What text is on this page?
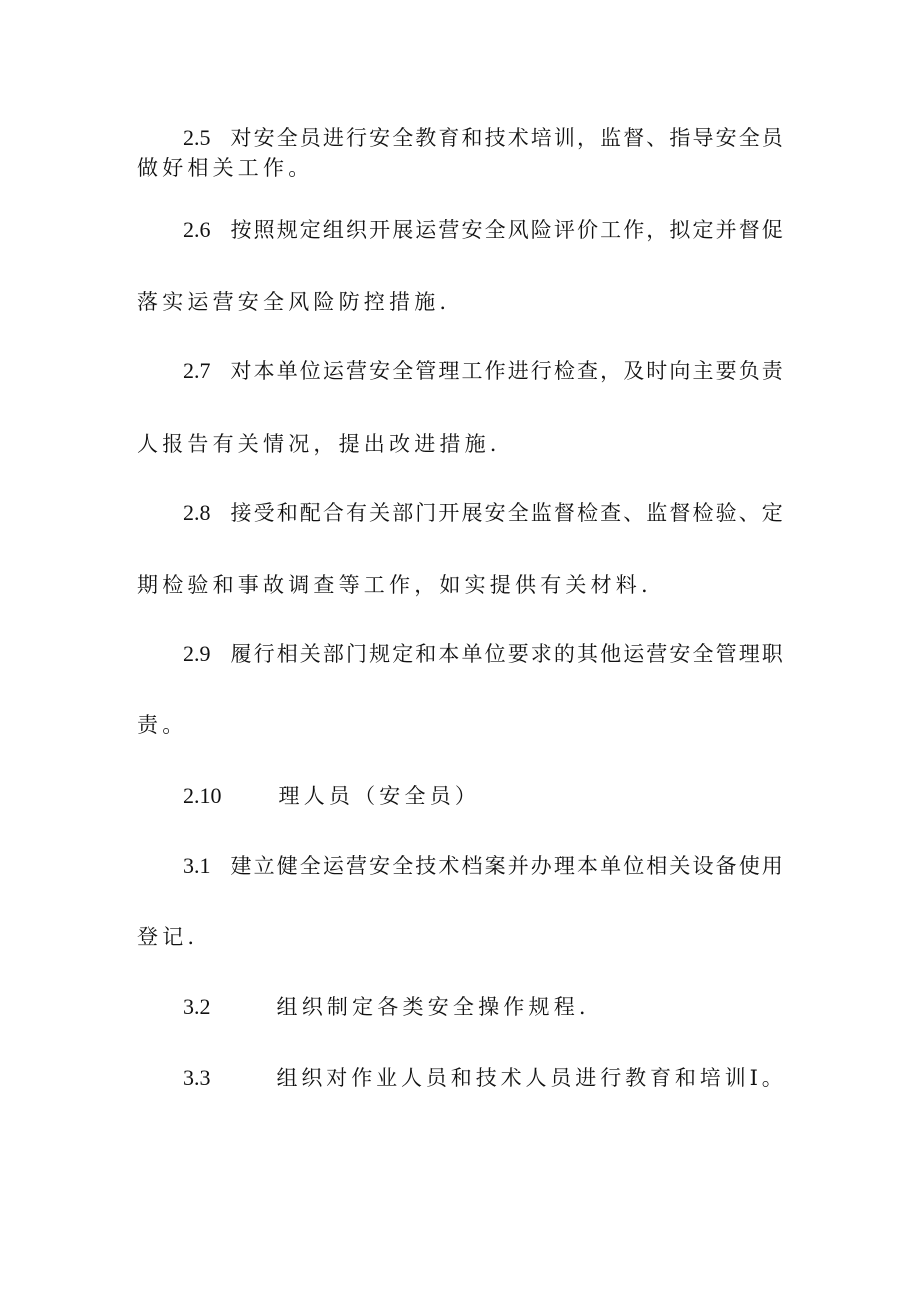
2.5 对安全员进行安全教育和技术培训，监督、指导安全员
做好相关工作。
2.6 按照规定组织开展运营安全风险评价工作，拟定并督促
落实运营安全风险防控措施.
2.7 对本单位运营安全管理工作进行检查，及时向主要负责
人报告有关情况，提出改进措施.
2.8 接受和配合有关部门开展安全监督检查、监督检验、定
期检验和事故调查等工作，如实提供有关材料.
2.9 履行相关部门规定和本单位要求的其他运营安全管理职
责。
2.10	理人员（安全员）
3.1 建立健全运营安全技术档案并办理本单位相关设备使用
登记.
3.2	组织制定各类安全操作规程.
3.3	组织对作业人员和技术人员进行教育和培训Ⅰ。
